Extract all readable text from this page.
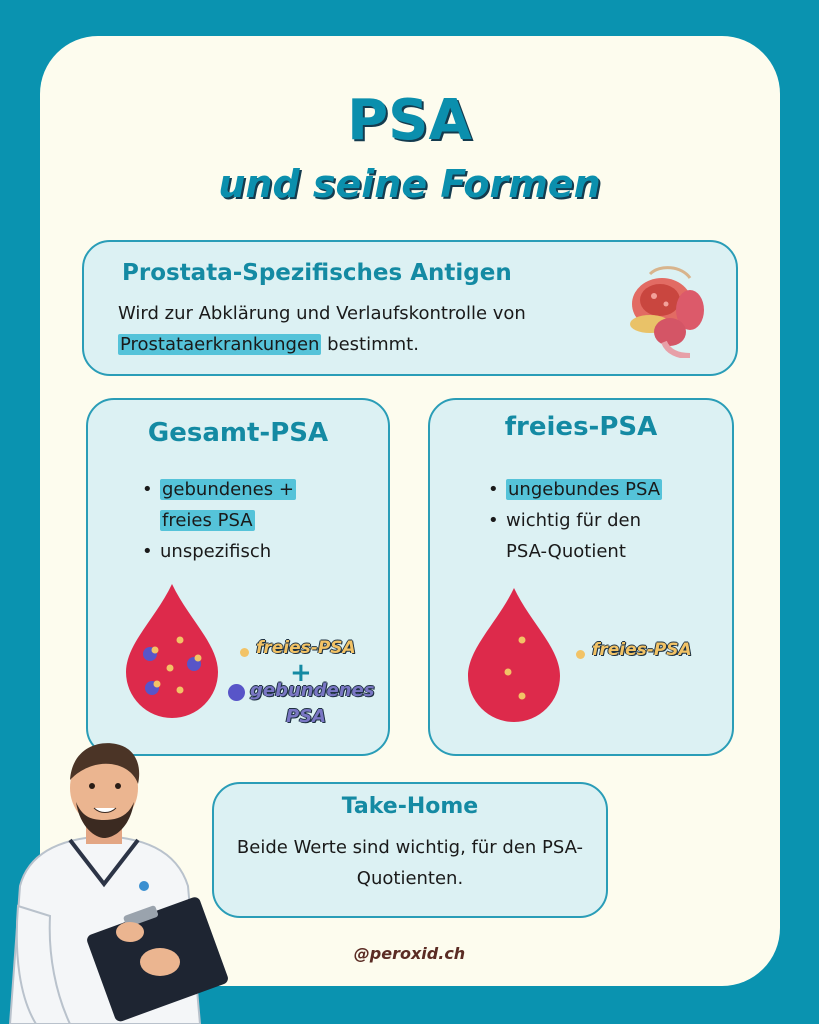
PSA
und seine Formen
Prostata-Spezifisches Antigen
Wird zur Abklärung und Verlaufskontrolle von
Prostataerkrankungen bestimmt.
Gesamt-PSA
• gebundenes +
freies PSA
• unspezifisch
freies-PSA
+
gebundenes
PSA
freies-PSA
• ungebundes PSA
• wichtig für den
PSA-Quotient
freies-PSA
Take-Home
Beide Werte sind wichtig, für den PSA-Quotienten.
@peroxid.ch
